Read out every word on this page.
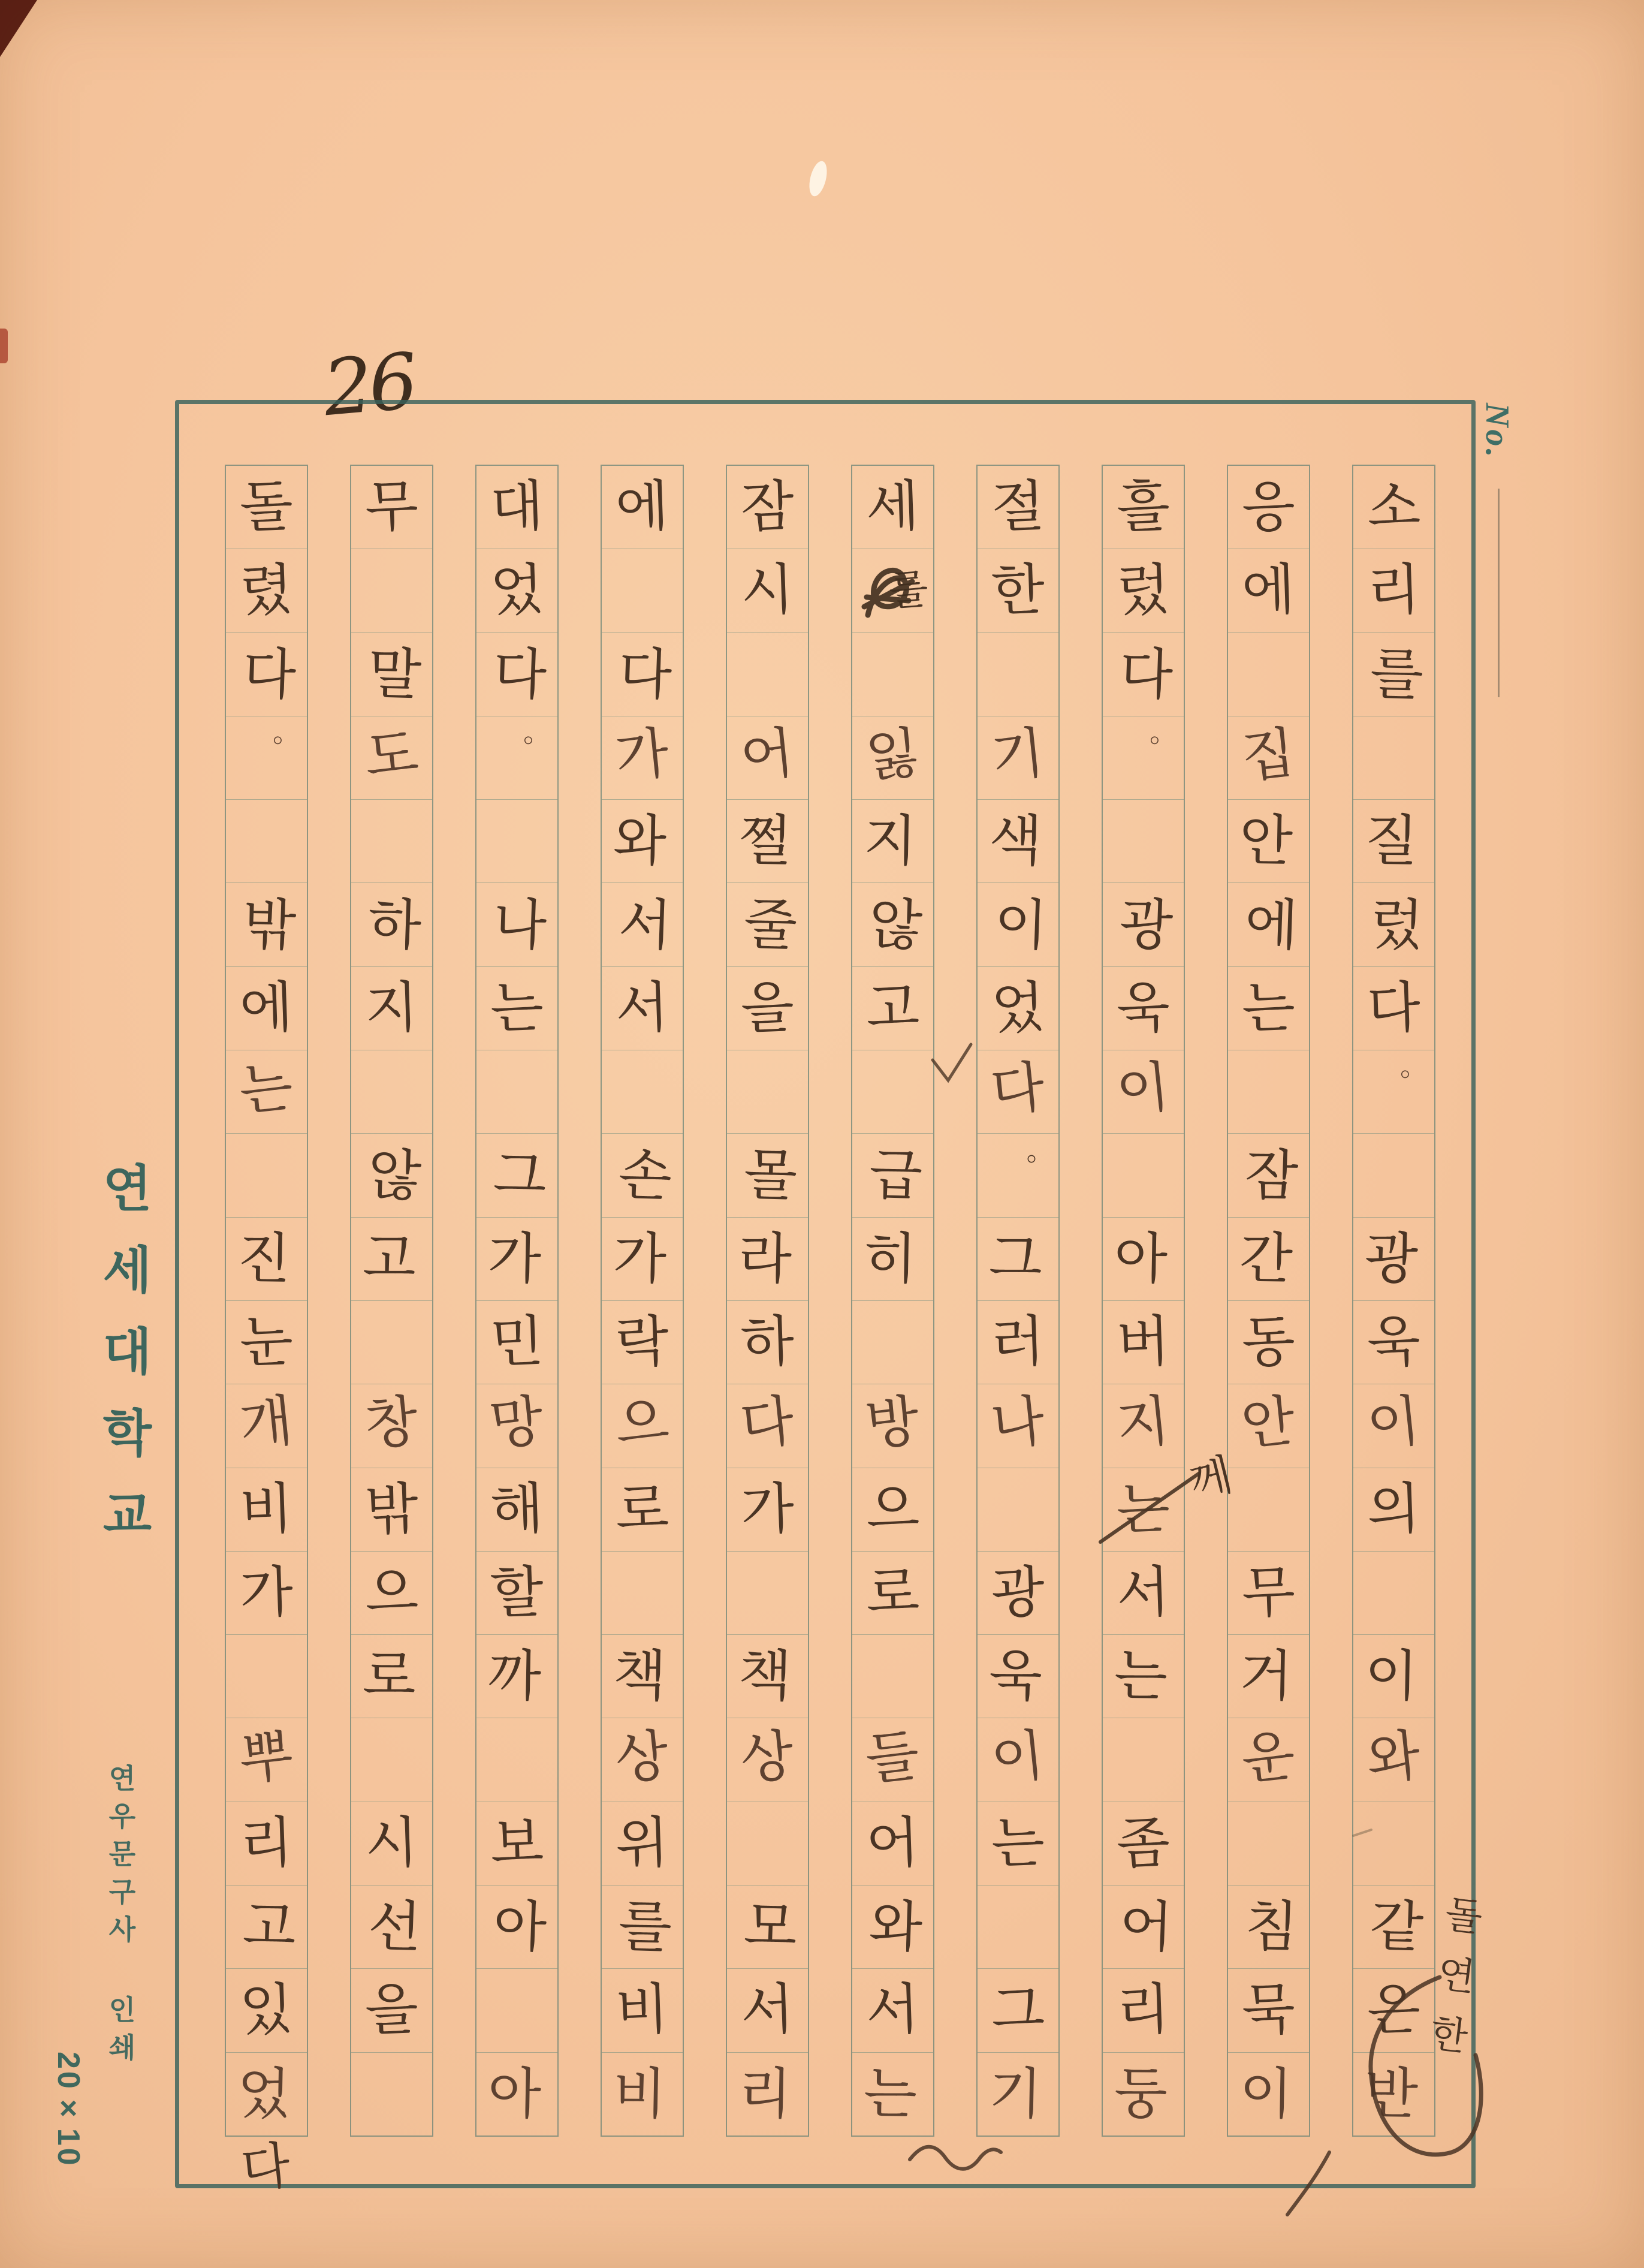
26	No.
연세대학교
연우문구사 인쇄
20×10
소
리
를
질
렀
다
。
광
욱
이
의
이
와
같
은
반
응
에
집
안
에
는
잠
간
동
안
무
거
운
침
묵
이
흘
렀
다
。
광
욱
이
아
버
지
는
서
는
좀
어
리
둥
절
한
기
색
이
었
다
。
그
러
나
광
욱
이
는
그
기
세
를
잃
지
않
고
급
히
방
으
로
들
어
와
서
는
잠
시
어
쩔
줄
을
몰
라
하
다
가
책
상
모
서
리
에
다
가
와
서
서
손
가
락
으
로
책
상
위
를
비
비
대
었
다
。
나
는
그
가
민
망
해
할
까
보
아
아
무
말
도
하
지
않
고
창
밖
으
로
시
선
을
돌
렸
다
。
밖
에
는
진
눈
개
비
가
뿌
리
고
있
었
돌연한
께
다
